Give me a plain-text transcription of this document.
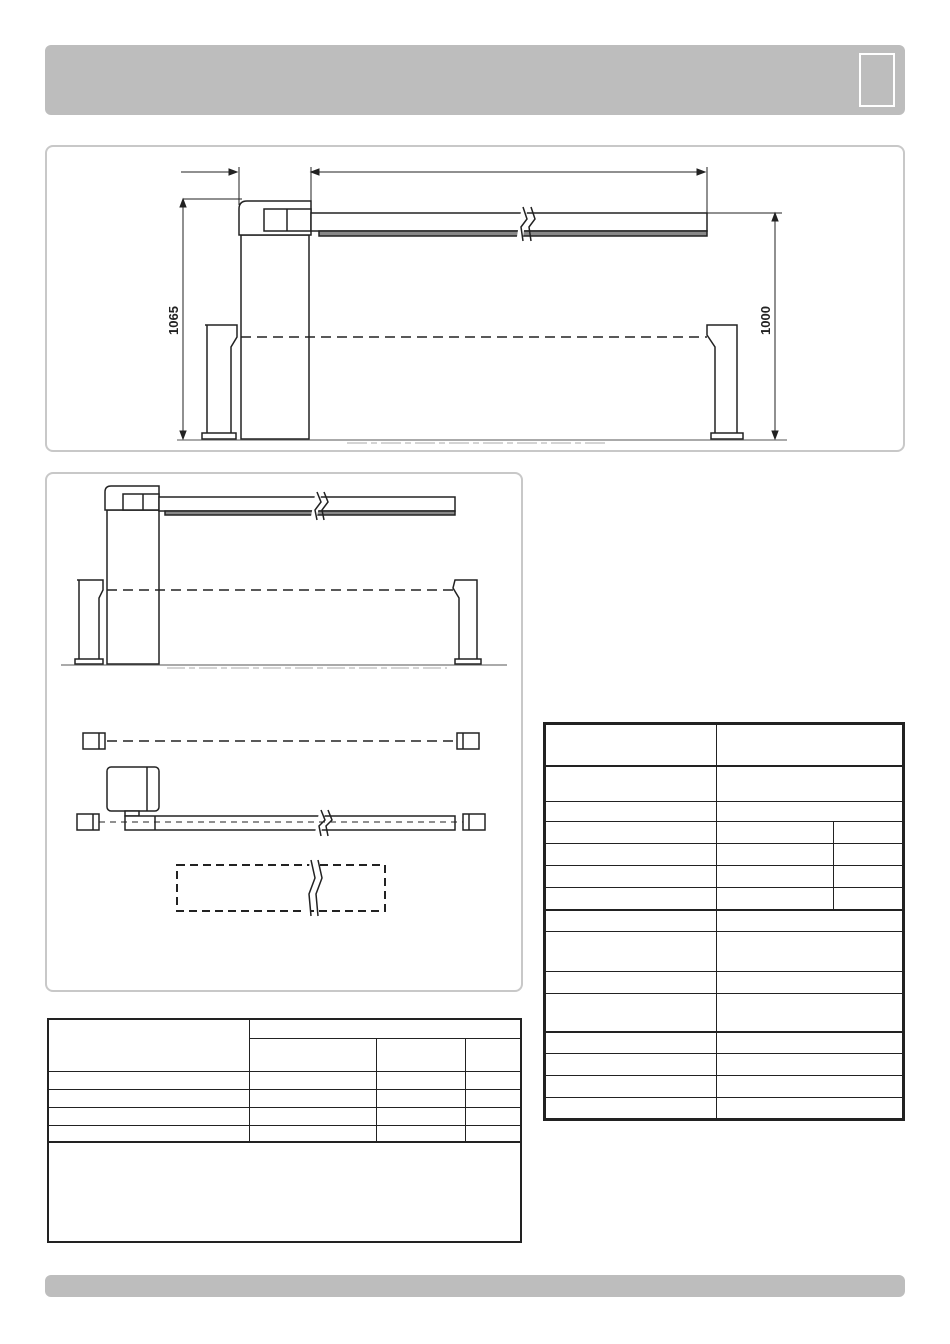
1065	1000
